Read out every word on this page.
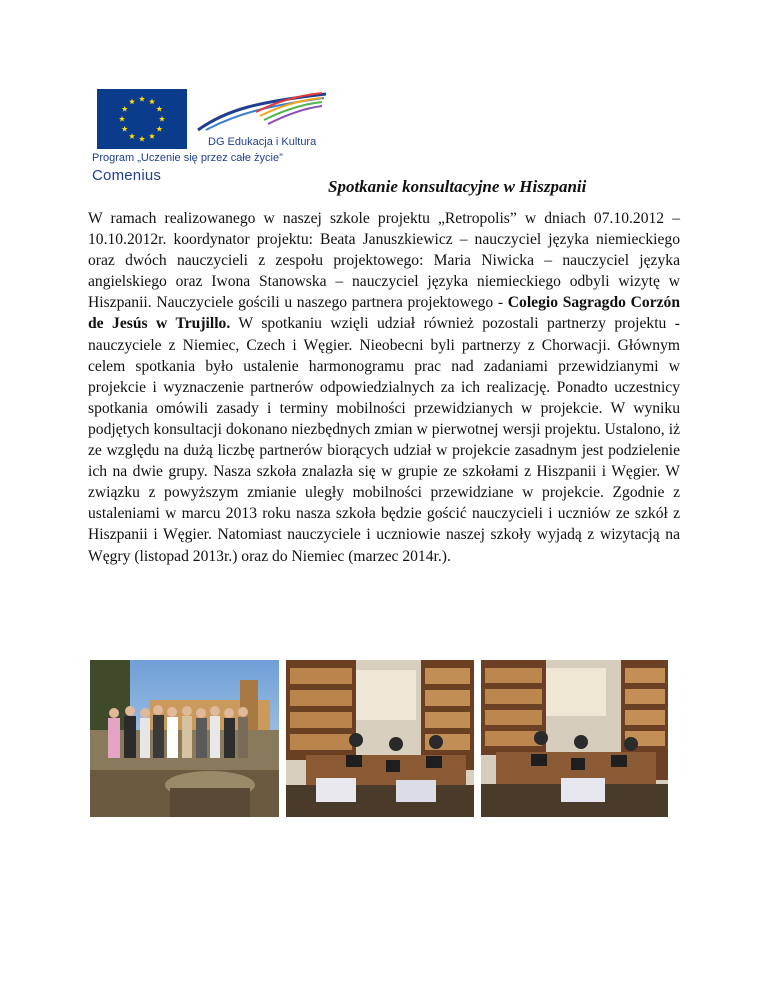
DG Edukacja i Kultura
Program „Uczenie się przez całe życie”
Comenius
Spotkanie konsultacyjne w Hiszpanii
W ramach realizowanego w naszej szkole projektu „Retropolis” w dniach 07.10.2012 – 10.10.2012r. koordynator projektu: Beata Januszkiewicz – nauczyciel języka niemieckiego oraz dwóch nauczycieli z zespołu projektowego: Maria Niwicka – nauczyciel języka angielskiego oraz Iwona Stanowska – nauczyciel języka niemieckiego odbyli wizytę w Hiszpanii. Nauczyciele gościli u naszego partnera projektowego - Colegio Sagragdo Corzón de Jesús w Trujillo. W spotkaniu wzięli udział również pozostali partnerzy projektu - nauczyciele z Niemiec, Czech i Węgier. Nieobecni byli partnerzy z Chorwacji. Głównym celem spotkania było ustalenie harmonogramu prac nad zadaniami przewidzianymi w projekcie i wyznaczenie partnerów odpowiedzialnych za ich realizację. Ponadto uczestnicy spotkania omówili zasady i terminy mobilności przewidzianych w projekcie. W wyniku podjętych konsultacji dokonano niezbędnych zmian w pierwotnej wersji projektu. Ustalono, iż ze względu na dużą liczbę partnerów biorących udział w projekcie zasadnym jest podzielenie ich na dwie grupy. Nasza szkoła znalazła się w grupie ze szkołami z Hiszpanii i Węgier. W związku z powyższym zmianie uległy mobilności przewidziane w projekcie. Zgodnie z ustaleniami w marcu 2013 roku nasza szkoła będzie gościć nauczycieli i uczniów ze szkół z Hiszpanii i Węgier. Natomiast nauczyciele i uczniowie naszej szkoły wyjadą z wizytacją na Węgry (listopad 2013r.) oraz do Niemiec (marzec 2014r.).
